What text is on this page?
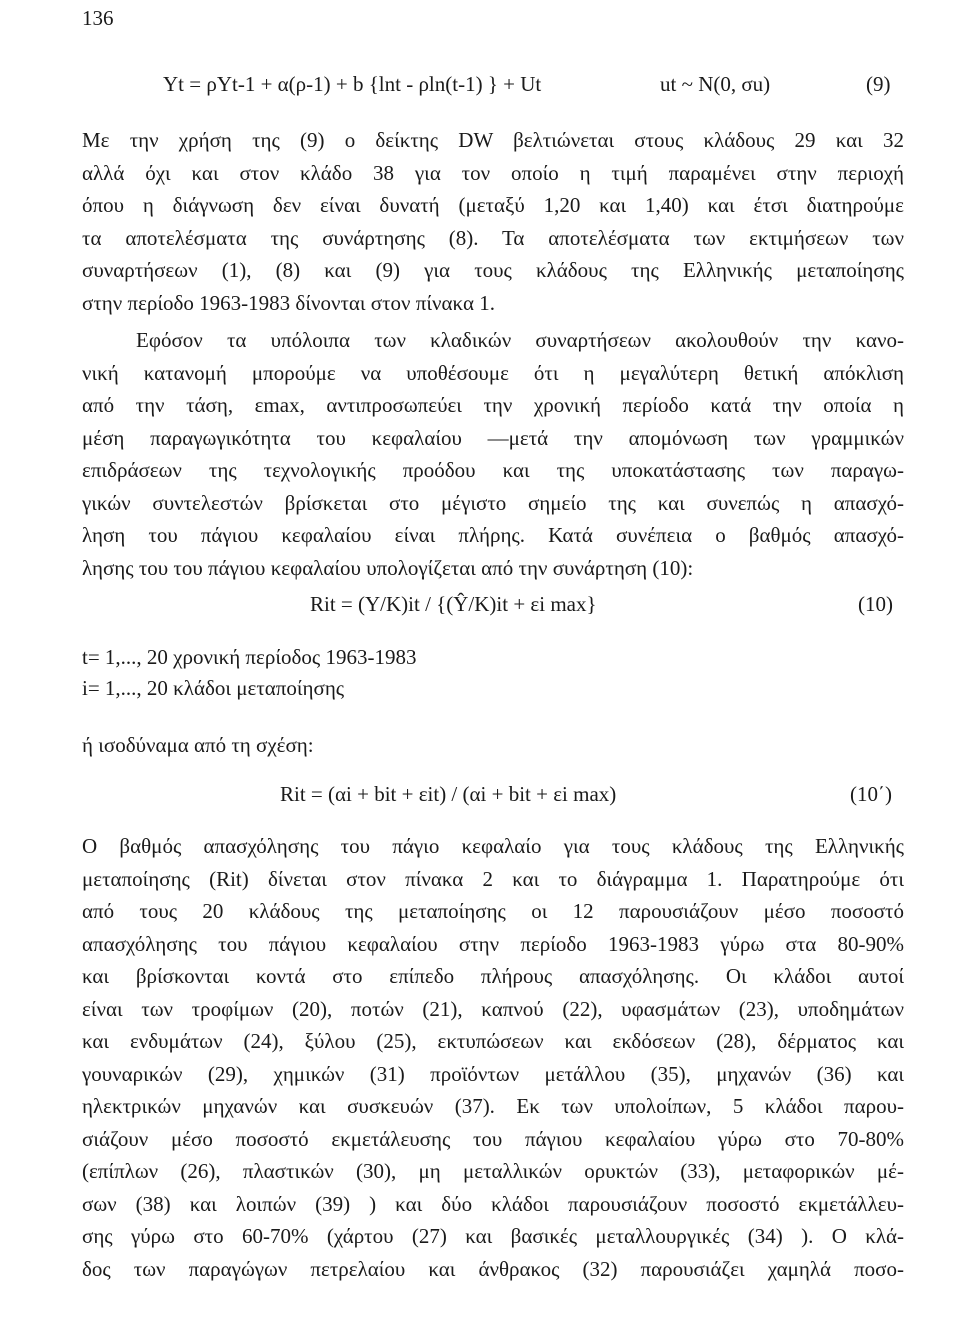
136
Yt = ρYt-1 + α(ρ-1) + b {lnt - ρln(t-1) } + Ut	ut ~ N(0, σu)	(9)
Με την χρήση της (9) ο δείκτης DW βελτιώνεται στους κλάδους 29 και 32
αλλά όχι και στον κλάδο 38 για τον οποίο η τιμή παραμένει στην περιοχή
όπου η διάγνωση δεν είναι δυνατή (μεταξύ 1,20 και 1,40) και έτσι διατηρούμε
τα αποτελέσματα της συνάρτησης (8). Τα αποτελέσματα των εκτιμήσεων των
συναρτήσεων (1), (8) και (9) για τους κλάδους της Ελληνικής μεταποίησης
στην περίοδο 1963-1983 δίνονται στον πίνακα 1.
Εφόσον τα υπόλοιπα των κλαδικών συναρτήσεων ακολουθούν την κανο-
νική κατανομή μπορούμε να υποθέσουμε ότι η μεγαλύτερη θετική απόκλιση
από την τάση, εmax, αντιπροσωπεύει την χρονική περίοδο κατά την οποία η
μέση παραγωγικότητα του κεφαλαίου —μετά την απομόνωση των γραμμικών
επιδράσεων της τεχνολογικής προόδου και της υποκατάστασης των παραγω-
γικών συντελεστών βρίσκεται στο μέγιστο σημείο της και συνεπώς η απασχό-
ληση του πάγιου κεφαλαίου είναι πλήρης. Κατά συνέπεια ο βαθμός απασχό-
λησης του του πάγιου κεφαλαίου υπολογίζεται από την συνάρτηση (10):
Rit = (Y/K)it / {(Ŷ/K)it + εi max}	(10)
t= 1,..., 20 χρονική περίοδος 1963-1983
i= 1,..., 20 κλάδοι μεταποίησης
ή ισοδύναμα από τη σχέση:
Rit = (αi + bit + εit) / (αi + bit + εi max)	(10΄)
Ο βαθμός απασχόλησης του πάγιο κεφαλαίο για τους κλάδους της Ελληνικής
μεταποίησης (Rit) δίνεται στον πίνακα 2 και το διάγραμμα 1. Παρατηρούμε ότι
από τους 20 κλάδους της μεταποίησης οι 12 παρουσιάζουν μέσο ποσοστό
απασχόλησης του πάγιου κεφαλαίου στην περίοδο 1963-1983 γύρω στα 80-90%
και βρίσκονται κοντά στο επίπεδο πλήρους απασχόλησης. Οι κλάδοι αυτοί
είναι των τροφίμων (20), ποτών (21), καπνού (22), υφασμάτων (23), υποδημάτων
και ενδυμάτων (24), ξύλου (25), εκτυπώσεων και εκδόσεων (28), δέρματος και
γουναρικών (29), χημικών (31) προϊόντων μετάλλου (35), μηχανών (36) και
ηλεκτρικών μηχανών και συσκευών (37). Εκ των υπολοίπων, 5 κλάδοι παρου-
σιάζουν μέσο ποσοστό εκμετάλευσης του πάγιου κεφαλαίου γύρω στο 70-80%
(επίπλων (26), πλαστικών (30), μη μεταλλικών ορυκτών (33), μεταφορικών μέ-
σων (38) και λοιπών (39) ) και δύο κλάδοι παρουσιάζουν ποσοστό εκμετάλλευ-
σης γύρω στο 60-70% (χάρτου (27) και βασικές μεταλλουργικές (34) ). Ο κλά-
δος των παραγώγων πετρελαίου και άνθρακος (32) παρουσιάζει χαμηλά ποσο-
